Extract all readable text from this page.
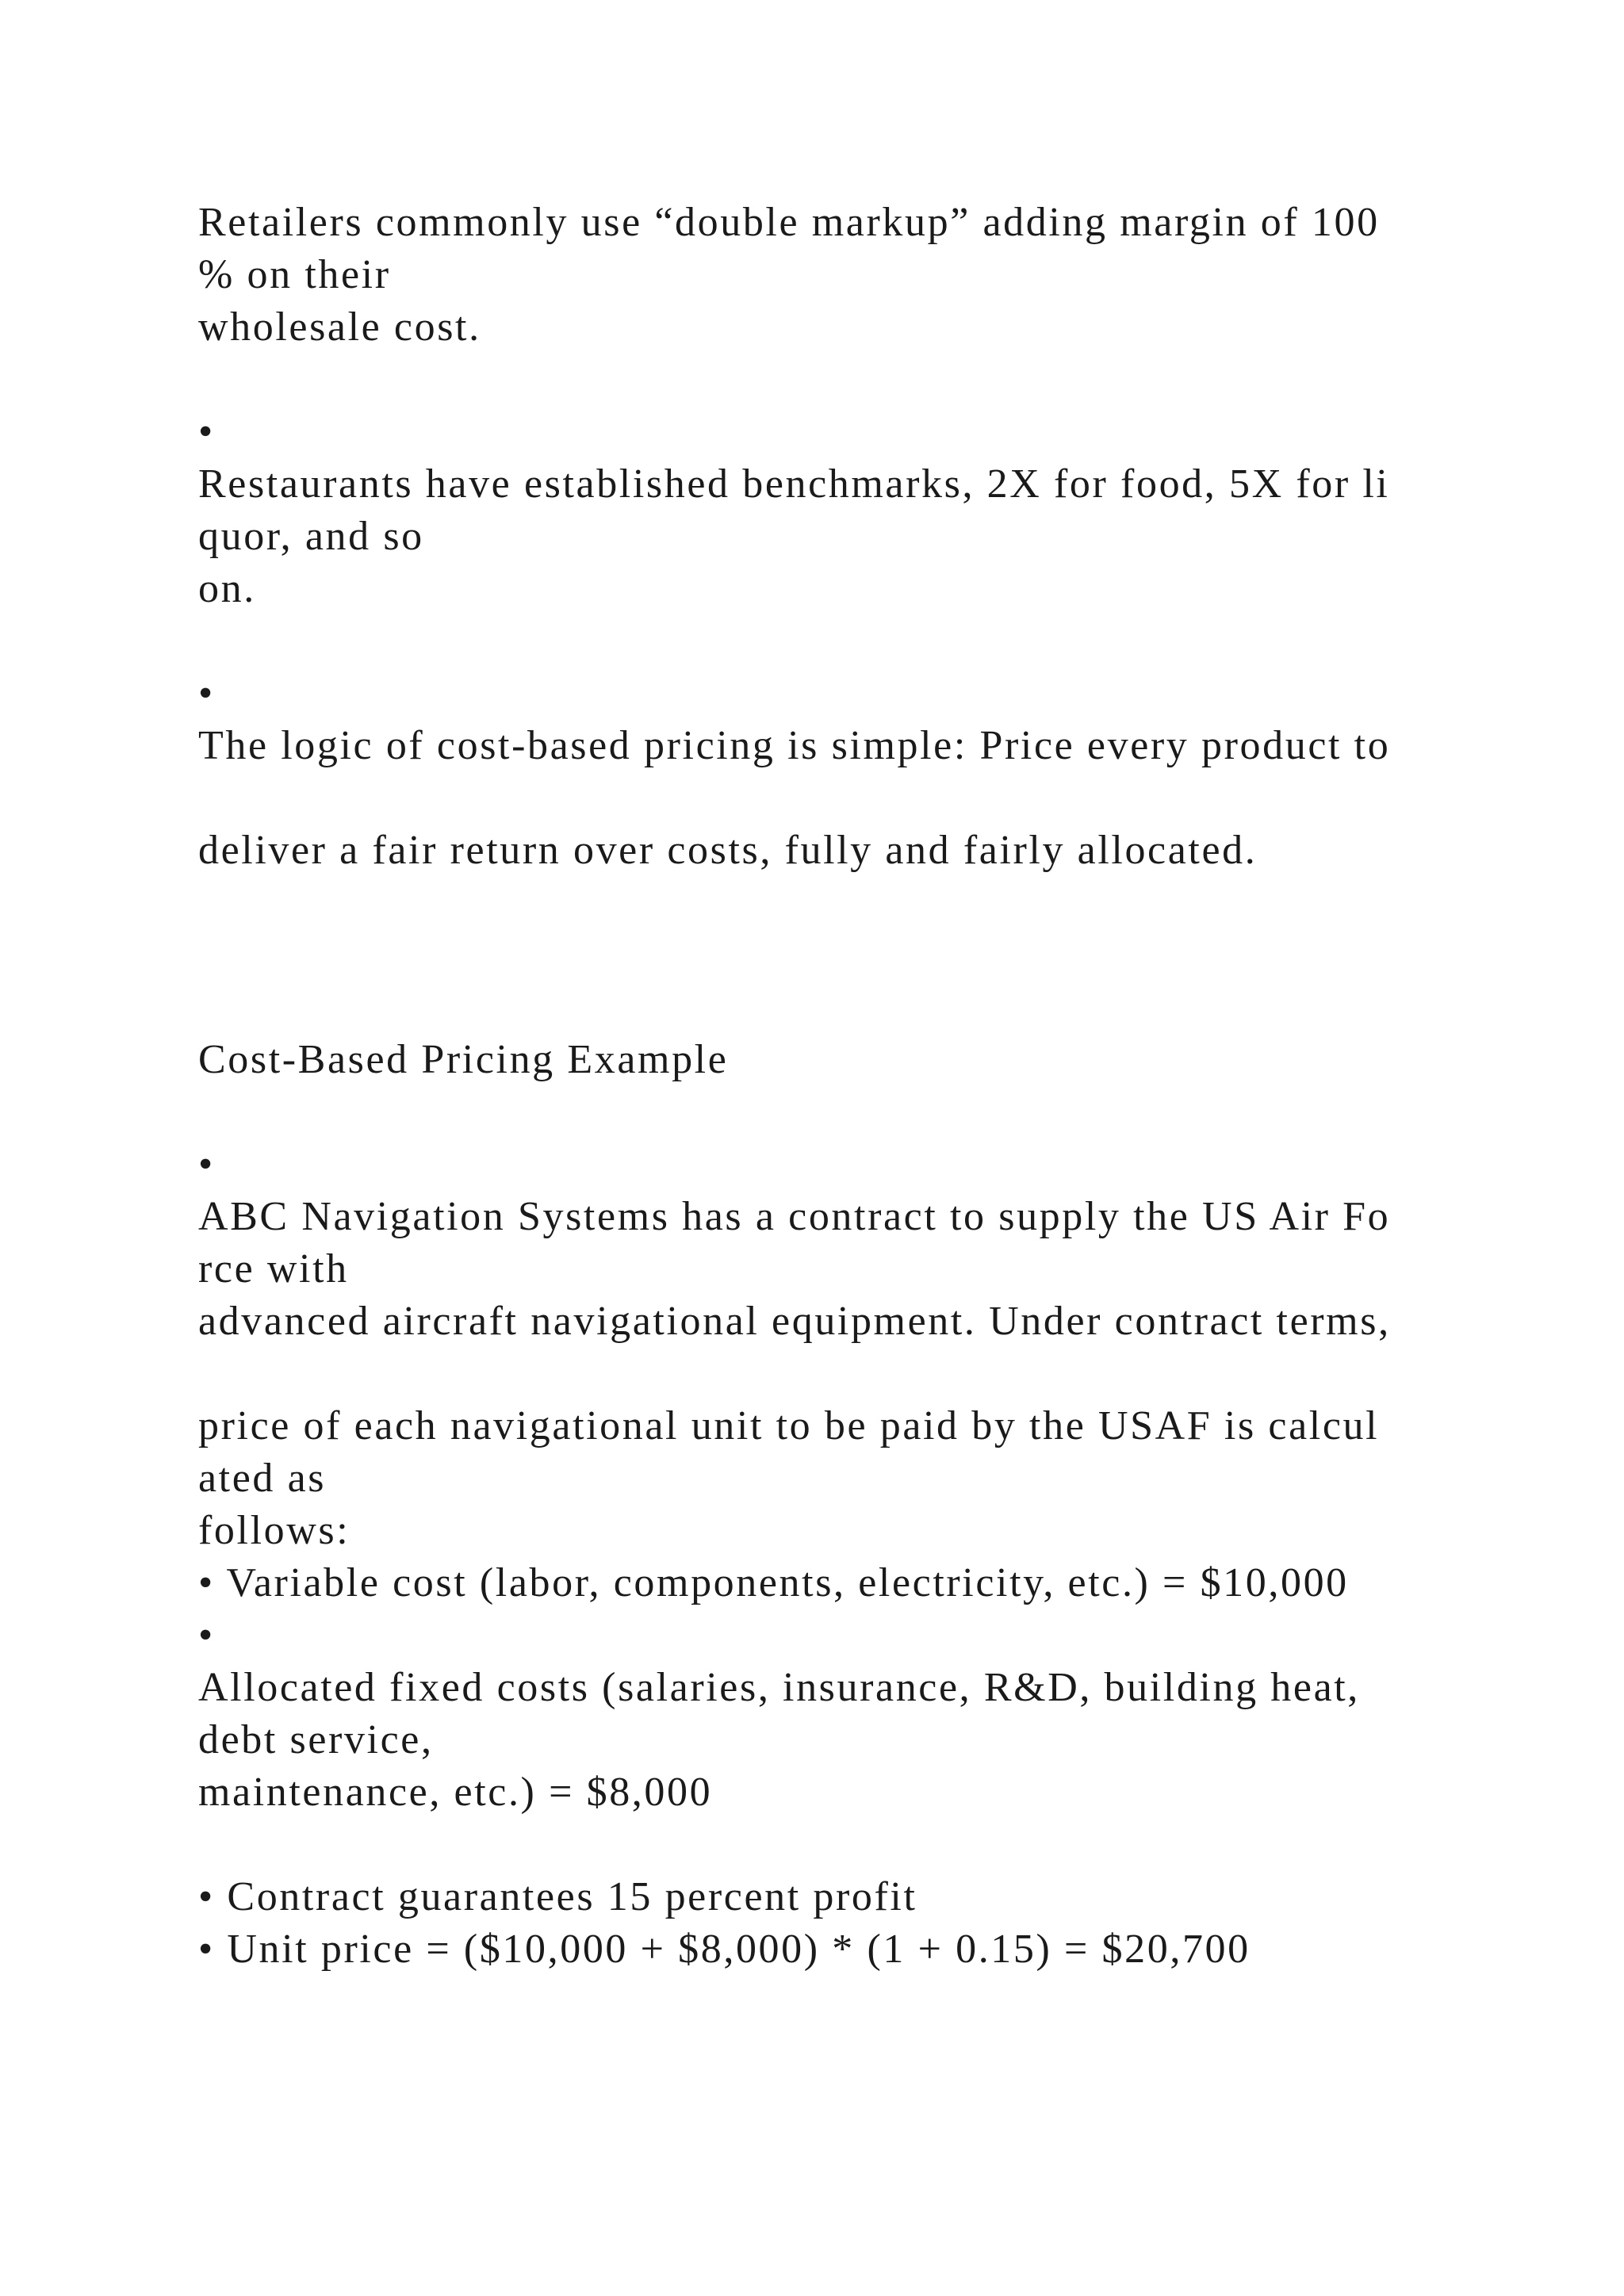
Retailers commonly use “double markup” adding margin of 100

% on their

wholesale cost.

•

Restaurants have established benchmarks, 2X for food, 5X for li

quor, and so

on.

•

The logic of cost-based pricing is simple: Price every product to

deliver a fair return over costs, fully and fairly allocated.

Cost-Based Pricing Example

•

ABC Navigation Systems has a contract to supply the US Air Fo

rce with

advanced aircraft navigational equipment. Under contract terms,

price of each navigational unit to be paid by the USAF is calcul

ated as

follows:

• Variable cost (labor, components, electricity, etc.) = $10,000

•

Allocated fixed costs (salaries, insurance, R&D, building heat,

debt service,

maintenance, etc.) = $8,000

• Contract guarantees 15 percent profit

• Unit price = ($10,000 + $8,000) * (1 + 0.15) = $20,700
